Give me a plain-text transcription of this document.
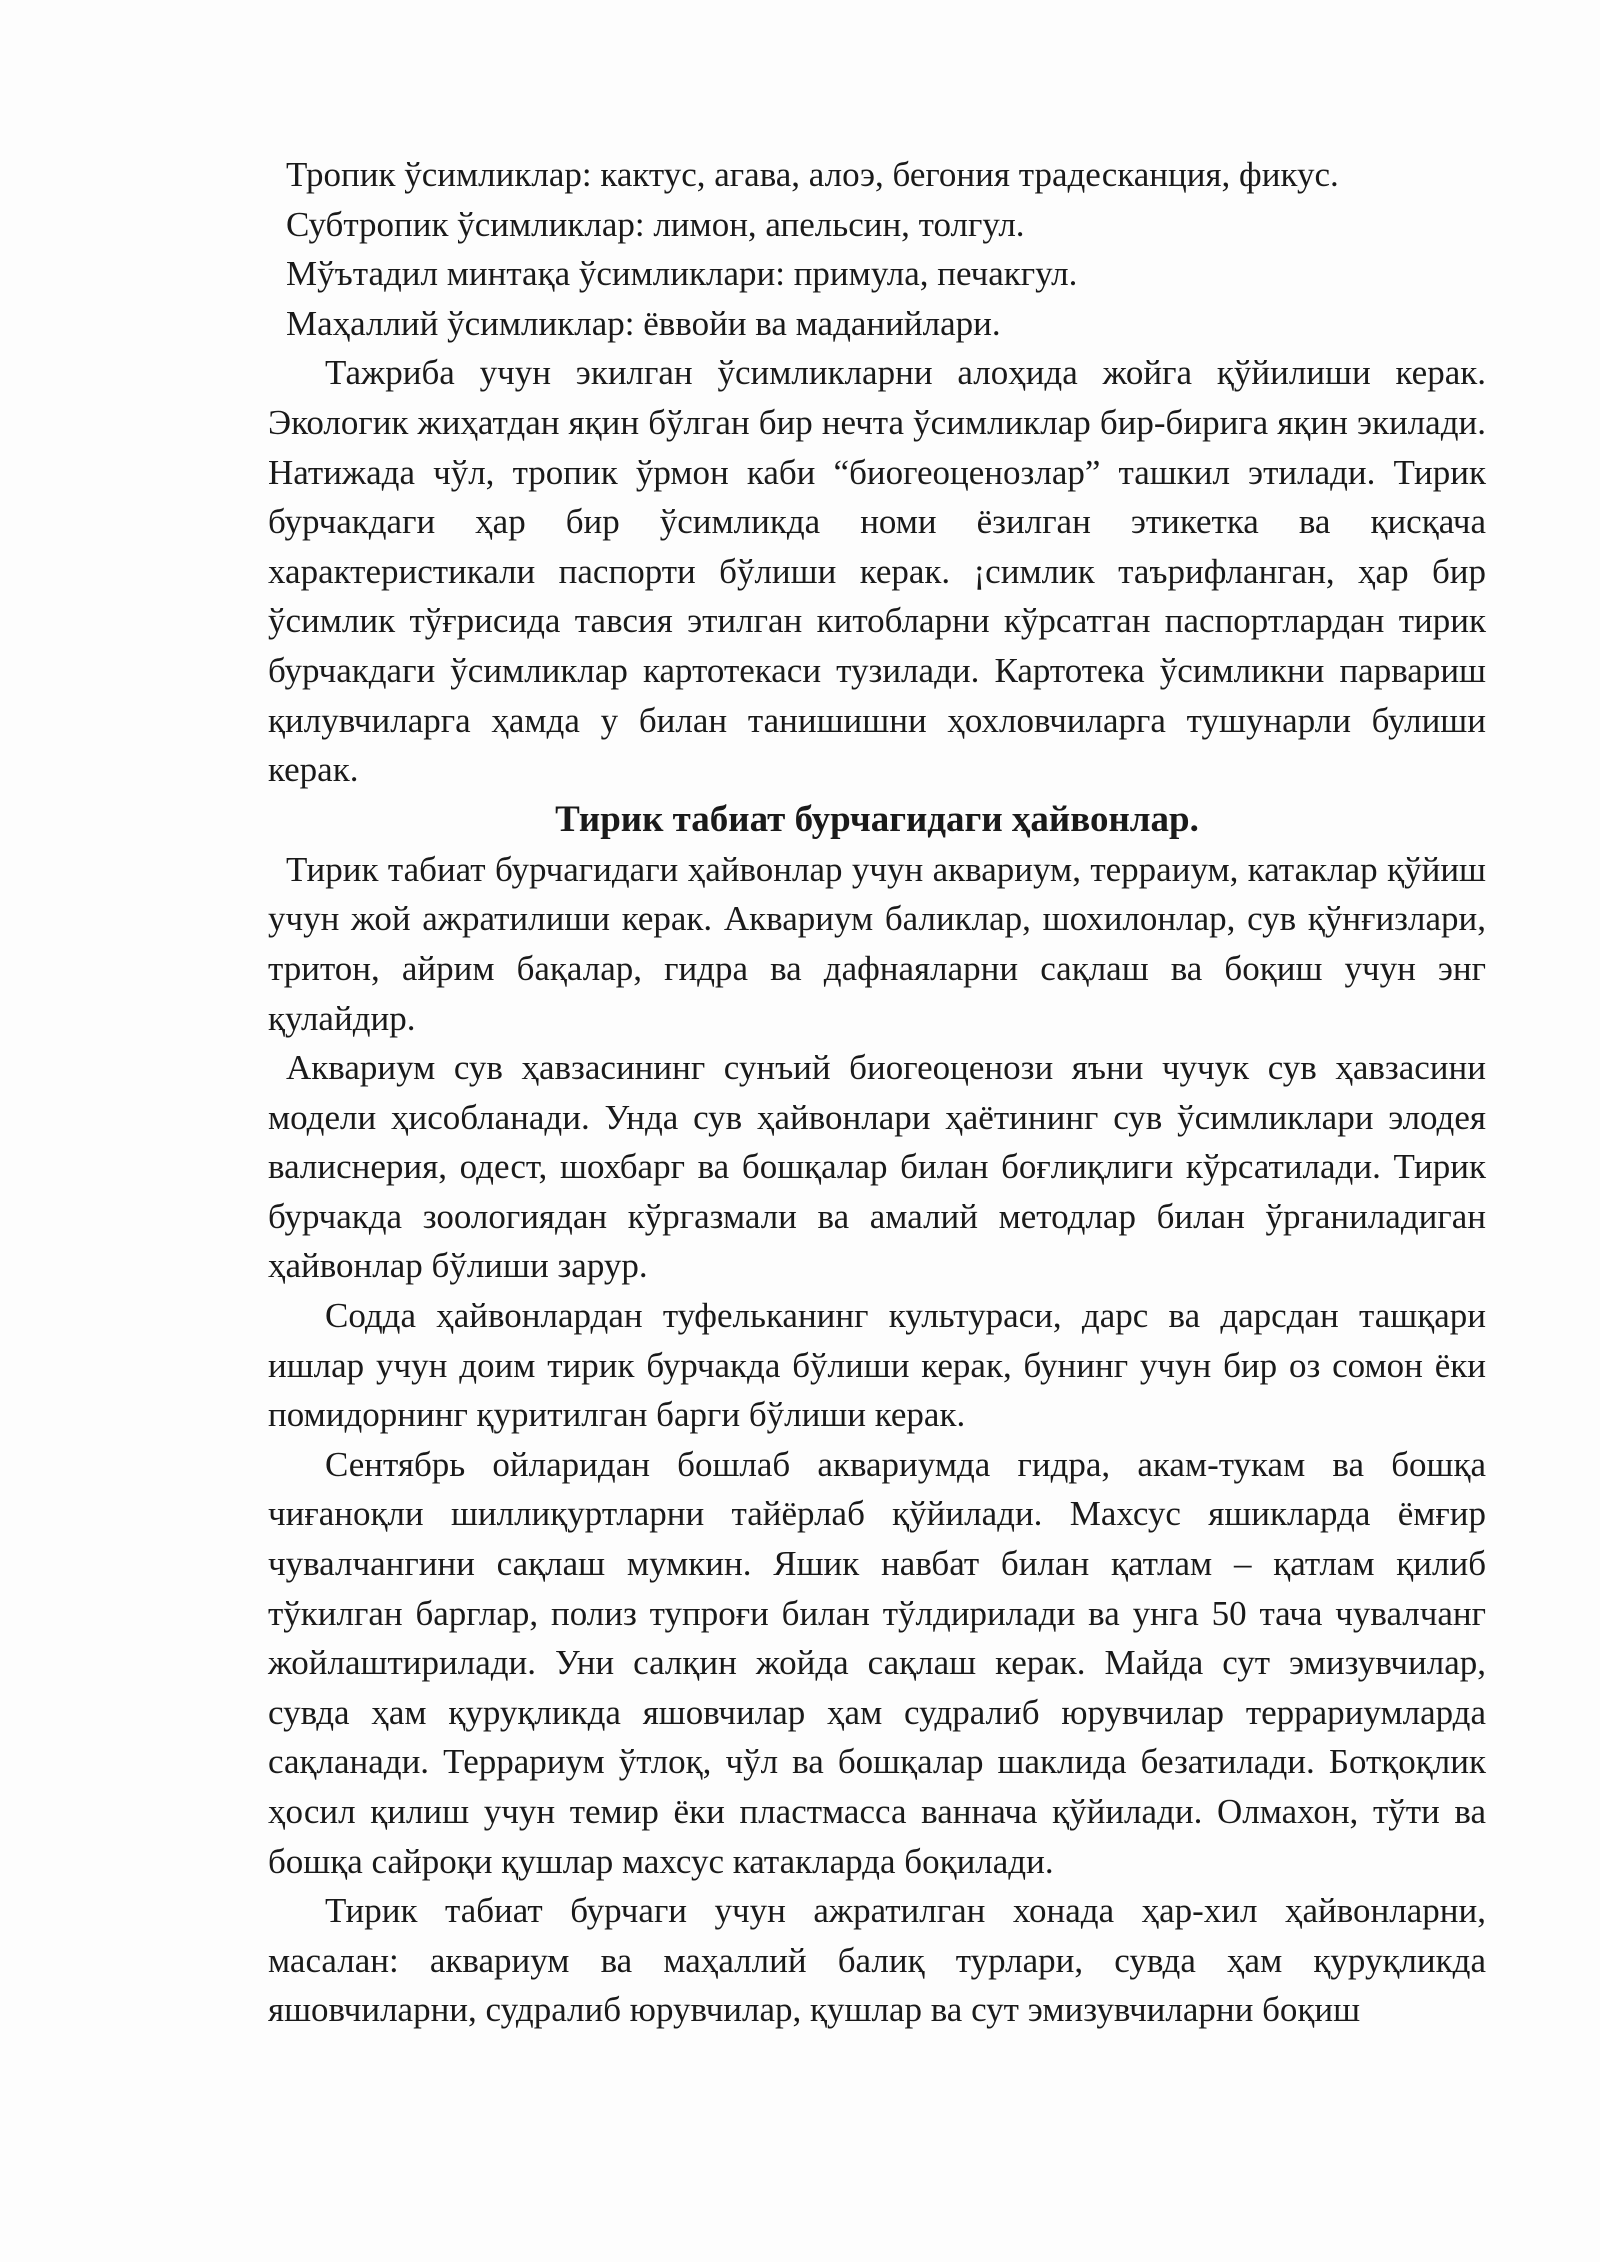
Тропик ўсимликлар: кактус, агава, алоэ, бегония традесканция, фикус.

Субтропик ўсимликлар: лимон, апельсин, толгул.

Мўътадил минтақа ўсимликлари: примула, печакгул.

Маҳаллий ўсимликлар: ёввойи ва маданийлари.

Тажриба учун экилган ўсимликларни алоҳида жойга қўйилиши керак. Экологик жиҳатдан яқин бўлган бир нечта ўсимликлар бир-бирига яқин экилади. Натижада чўл, тропик ўрмон каби “биогеоценозлар” ташкил этилади. Тирик бурчакдаги ҳар бир ўсимликда номи ёзилган этикетка ва қисқача характеристикали паспорти бўлиши керак. ¡симлик таърифланган, ҳар бир ўсимлик тўғрисида тавсия этилган китобларни кўрсатган паспортлардан тирик бурчакдаги ўсимликлар картотекаси тузилади. Картотека ўсимликни парвариш қилувчиларга ҳамда у билан танишишни ҳохловчиларга тушунарли булиши керак.

Тирик табиат бурчагидаги ҳайвонлар.

Тирик табиат бурчагидаги ҳайвонлар учун аквариум, терраиум, катаклар қўйиш учун жой ажратилиши керак. Аквариум баликлар, шохилонлар, сув қўнғизлари, тритон, айрим бақалар, гидра ва дафнаяларни сақлаш ва боқиш учун энг қулайдир.

Аквариум сув ҳавзасининг сунъий биогеоценози яъни чучук сув ҳавзасини модели ҳисобланади. Унда сув ҳайвонлари ҳаётининг сув ўсимликлари элодея валиснерия, одест, шохбарг ва бошқалар билан боғлиқлиги кўрсатилади. Тирик бурчакда зоологиядан кўргазмали ва амалий методлар билан ўрганиладиган ҳайвонлар бўлиши зарур.

Содда ҳайвонлардан туфельканинг культураси, дарс ва дарсдан ташқари ишлар учун доим тирик бурчакда бўлиши керак, бунинг учун бир оз сомон ёки помидорнинг қуритилган барги бўлиши керак.

Сентябрь ойларидан бошлаб аквариумда гидра, акам-тукам ва бошқа чиғаноқли шиллиқуртларни тайёрлаб қўйилади. Махсус яшикларда ёмғир чувалчангини сақлаш мумкин. Яшик навбат билан қатлам – қатлам қилиб тўкилган барглар, полиз тупроғи билан тўлдирилади ва унга 50 тача чувалчанг жойлаштирилади. Уни салқин жойда сақлаш керак. Майда сут эмизувчилар, сувда ҳам қуруқликда яшовчилар ҳам судралиб юрувчилар террариумларда сақланади. Террариум ўтлоқ, чўл ва бошқалар шаклида безатилади. Ботқоқлик ҳосил қилиш учун темир ёки пластмасса ваннача қўйилади. Олмахон, тўти ва бошқа сайроқи қушлар махсус катакларда боқилади.

Тирик табиат бурчаги учун ажратилган хонада ҳар-хил ҳайвонларни, масалан: аквариум ва маҳаллий балиқ турлари, сувда ҳам қуруқликда яшовчиларни, судралиб юрувчилар, қушлар ва сут эмизувчиларни боқиш
